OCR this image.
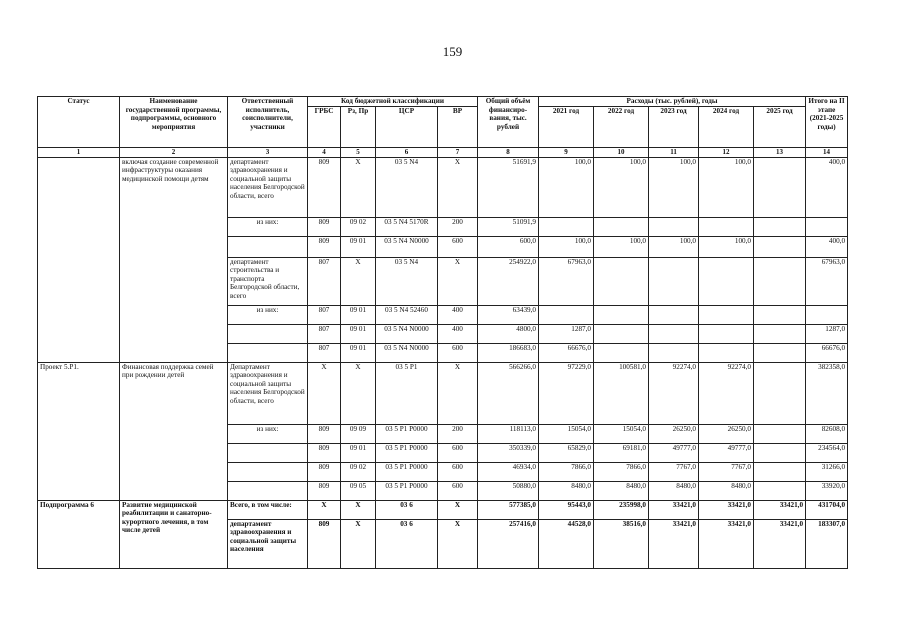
159
Статус	Наименование государственной программы, подпрограммы, основного мероприятия	Ответственный исполнитель, соисполнители, участники	Код бюджетной классификации				Общий объём финансиро-вания, тыс. рублей	Расходы (тыс. рублей), годы					Итого на II этапе (2021-2025 годы)
			ГРБС	Рз, Пр	ЦСР	ВР		2021 год	2022 год	2023 год	2024 год	2025 год	
1	2	3	4	5	6	7	8	9	10	11	12	13	14
	включая создание современной инфраструктуры оказания медицинской помощи детям	департамент здравоохранения и социальной защиты населения Белгородской области, всего	809	Х	03 5 N4	Х	51691,9	100,0	100,0	100,0	100,0		400,0
		из них:	809	09 02	03 5 N4 5170R	200	51091,9						
			809	09 01	03 5 N4 N0000	600	600,0	100,0	100,0	100,0	100,0		400,0
		департамент строительства и транспорта Белгородской области, всего	807	Х	03 5 N4	Х	254922,0	67963,0					67963,0
		из них:	807	09 01	03 5 N4 52460	400	63439,0						
			807	09 01	03 5 N4 N0000	400	4800,0	1287,0					1287,0
			807	09 01	03 5 N4 N0000	600	186683,0	66676,0					66676,0
Проект 5.Р1.	Финансовая поддержка семей при рождении детей	Департамент здравоохранения и социальной защиты населения Белгородской области, всего	Х	Х	03 5 Р1	Х	566266,0	97229,0	100581,0	92274,0	92274,0		382358,0
		из них:	809	09 09	03 5 Р1 Р0000	200	118113,0	15054,0	15054,0	26250,0	26250,0		82608,0
			809	09 01	03 5 Р1 Р0000	600	350339,0	65829,0	69181,0	49777,0	49777,0		234564,0
			809	09 02	03 5 Р1 Р0000	600	46934,0	7866,0	7866,0	7767,0	7767,0		31266,0
			809	09 05	03 5 Р1 Р0000	600	50880,0	8480,0	8480,0	8480,0	8480,0		33920,0
Подпрограмма 6	Развитие медицинской реабилитации и санаторно-курортного лечения, в том числе детей	Всего, в том числе:	Х	Х	03 6	Х	577385,0	95443,0	235998,0	33421,0	33421,0	33421,0	431704,0
		департамент здравоохранения и социальной защиты населения	809	Х	03 6	Х	257416,0	44528,0	38516,0	33421,0	33421,0	33421,0	183307,0
